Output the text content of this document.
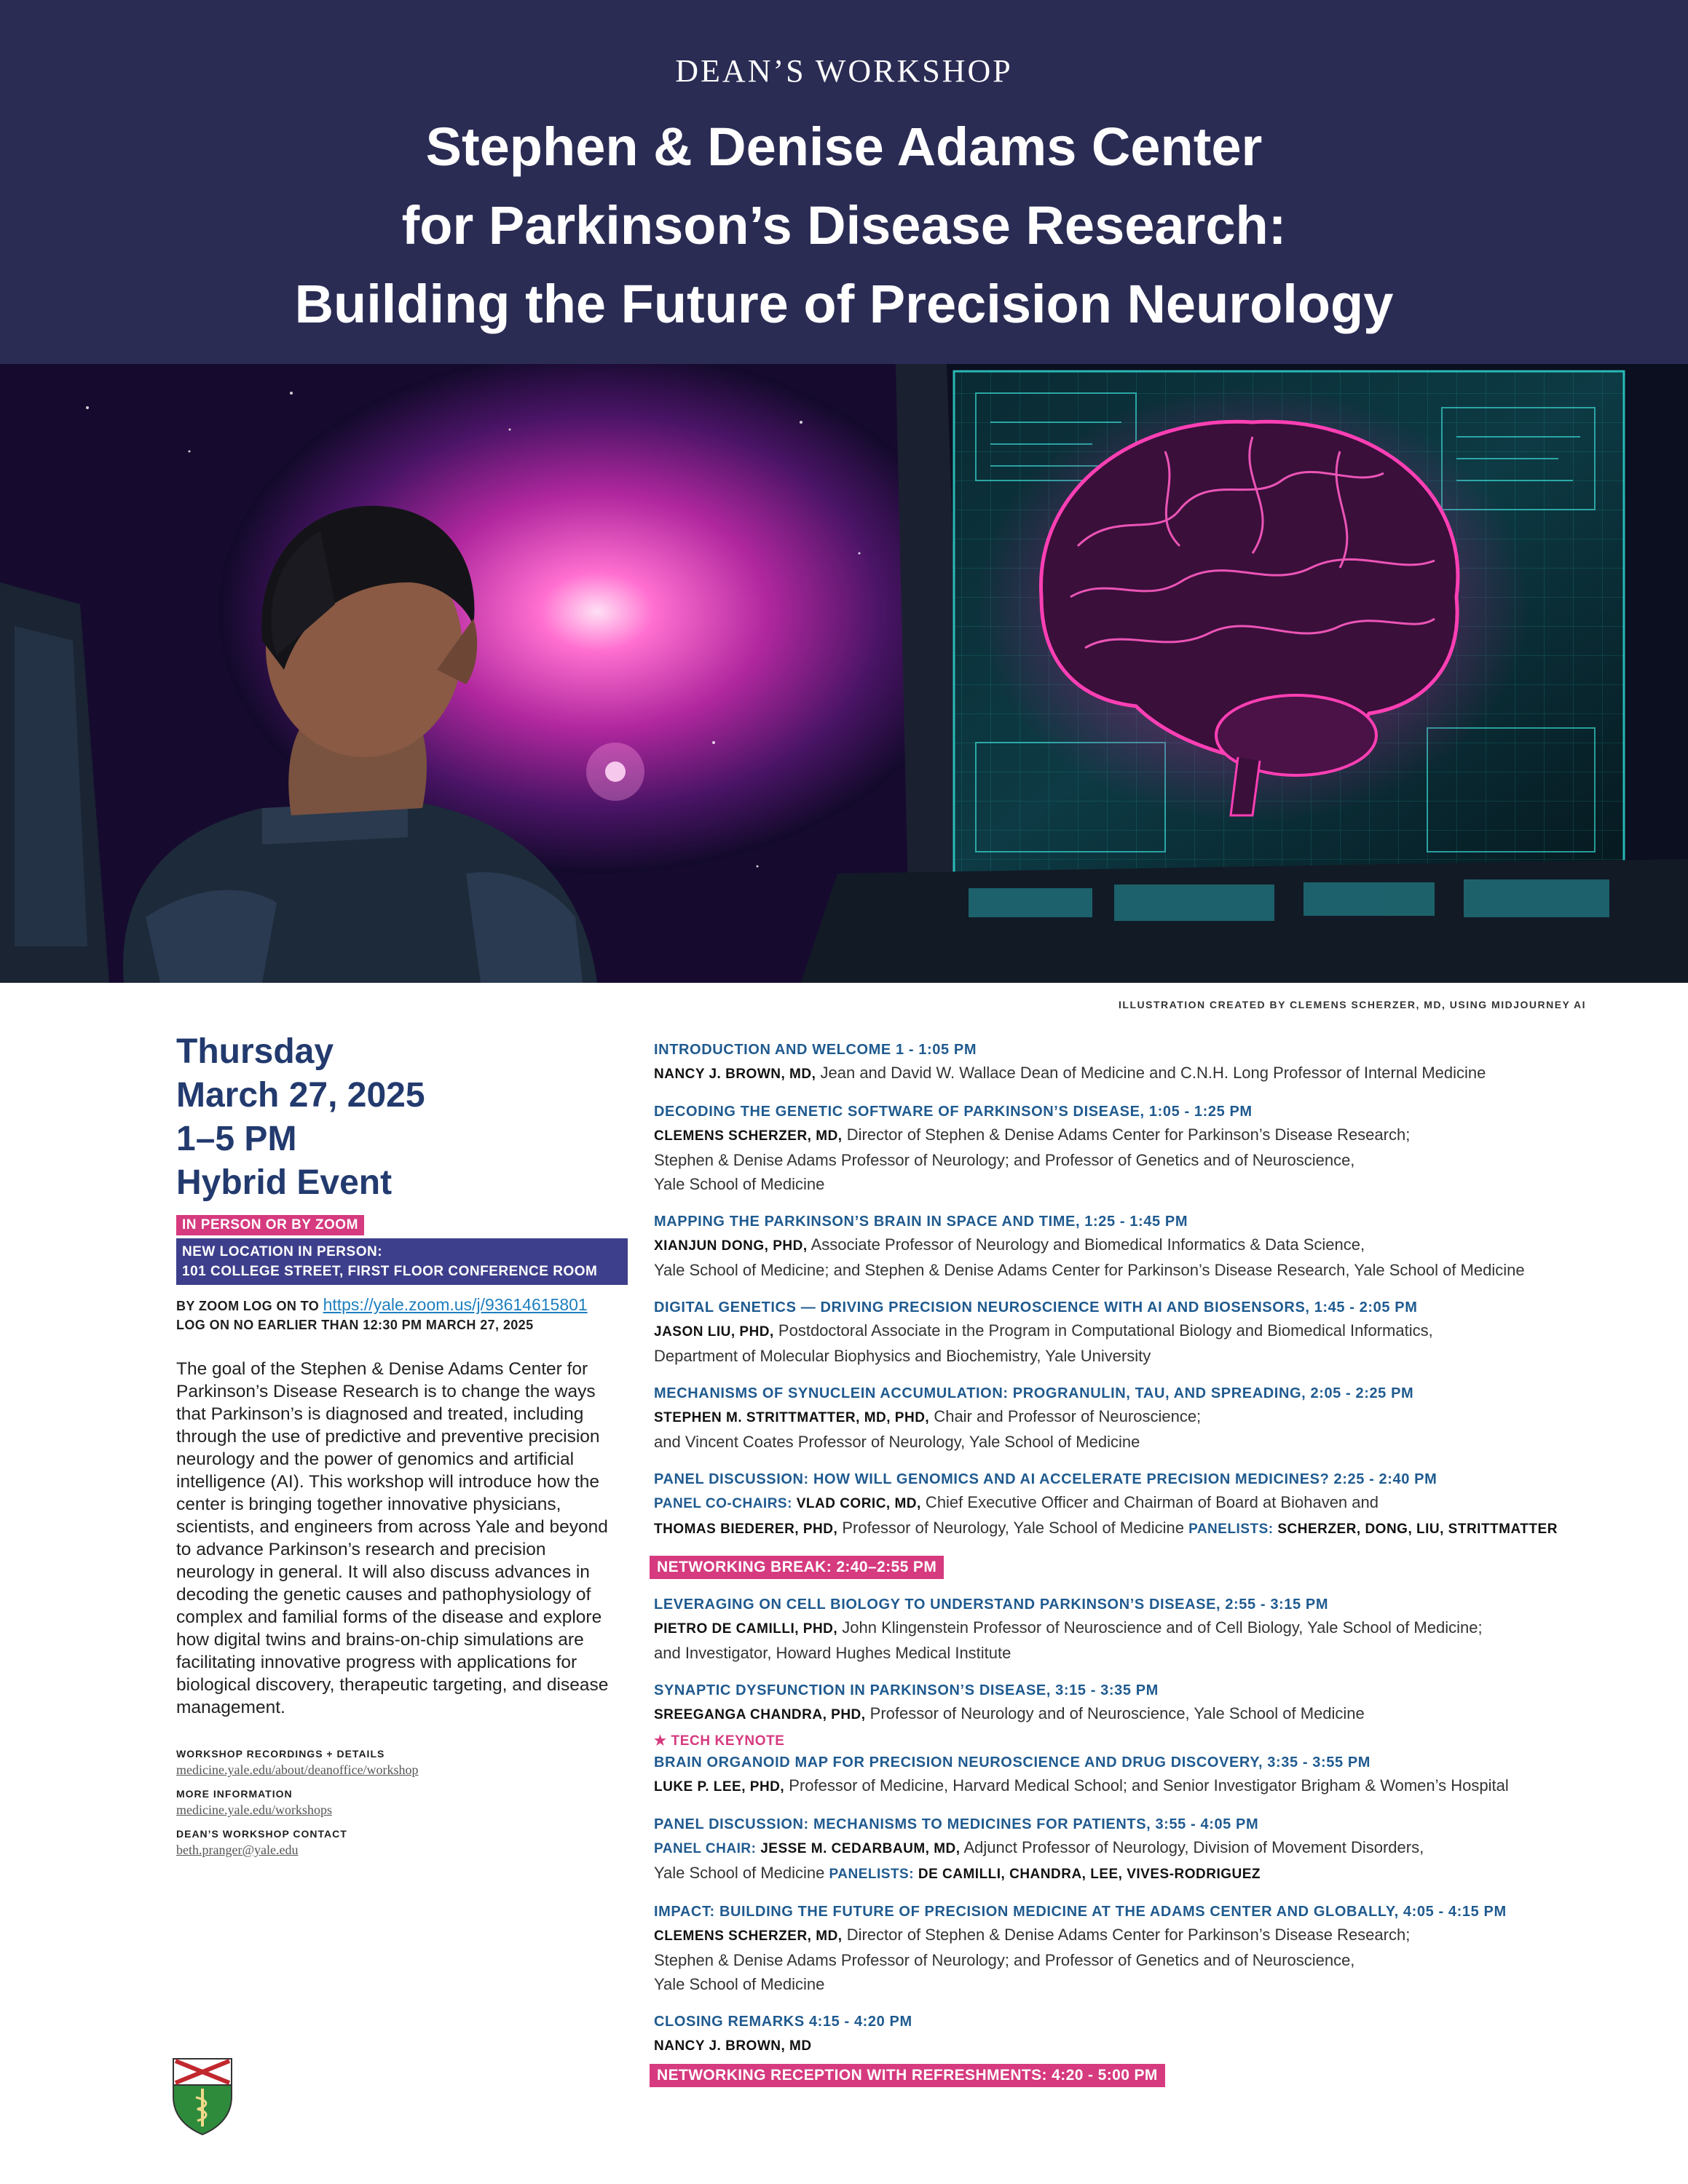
DEAN’S WORKSHOP
Stephen & Denise Adams Center
for Parkinson’s Disease Research:
Building the Future of Precision Neurology
ILLUSTRATION CREATED BY CLEMENS SCHERZER, MD, USING MIDJOURNEY AI
Thursday
March 27, 2025
1–5 PM
Hybrid Event
IN PERSON OR BY ZOOM
NEW LOCATION IN PERSON:
101 COLLEGE STREET, FIRST FLOOR CONFERENCE ROOM
BY ZOOM LOG ON TO https://yale.zoom.us/j/93614615801
LOG ON NO EARLIER THAN 12:30 PM MARCH 27, 2025
The goal of the Stephen & Denise Adams Center for Parkinson’s Disease Research is to change the ways that Parkinson’s is diagnosed and treated, including through the use of predictive and preventive precision neurology and the power of genomics and artificial intelligence (AI). This workshop will introduce how the center is bringing together innovative physicians, scientists, and engineers from across Yale and beyond to advance Parkinson’s research and precision neurology in general. It will also discuss advances in decoding the genetic causes and pathophysiology of complex and familial forms of the disease and explore how digital twins and brains-on-chip simulations are facilitating innovative progress with applications for biological discovery, therapeutic targeting, and disease management.
WORKSHOP RECORDINGS + DETAILS
medicine.yale.edu/about/deanoffice/workshop
MORE INFORMATION
medicine.yale.edu/workshops
DEAN’S WORKSHOP CONTACT
beth.pranger@yale.edu
INTRODUCTION AND WELCOME 1 - 1:05 PM
NANCY J. BROWN, MD, Jean and David W. Wallace Dean of Medicine and C.N.H. Long Professor of Internal Medicine
DECODING THE GENETIC SOFTWARE OF PARKINSON’S DISEASE, 1:05 - 1:25 PM
CLEMENS SCHERZER, MD, Director of Stephen & Denise Adams Center for Parkinson’s Disease Research;
Stephen & Denise Adams Professor of Neurology; and Professor of Genetics and of Neuroscience,
Yale School of Medicine
MAPPING THE PARKINSON’S BRAIN IN SPACE AND TIME, 1:25 - 1:45 PM
XIANJUN DONG, PHD, Associate Professor of Neurology and Biomedical Informatics & Data Science,
Yale School of Medicine; and Stephen & Denise Adams Center for Parkinson’s Disease Research, Yale School of Medicine
DIGITAL GENETICS — DRIVING PRECISION NEUROSCIENCE WITH AI AND BIOSENSORS, 1:45 - 2:05 PM
JASON LIU, PHD, Postdoctoral Associate in the Program in Computational Biology and Biomedical Informatics,
Department of Molecular Biophysics and Biochemistry, Yale University
MECHANISMS OF SYNUCLEIN ACCUMULATION: PROGRANULIN, TAU, AND SPREADING, 2:05 - 2:25 PM
STEPHEN M. STRITTMATTER, MD, PHD, Chair and Professor of Neuroscience;
and Vincent Coates Professor of Neurology, Yale School of Medicine
PANEL DISCUSSION: HOW WILL GENOMICS AND AI ACCELERATE PRECISION MEDICINES? 2:25 - 2:40 PM
PANEL CO-CHAIRS: VLAD CORIC, MD, Chief Executive Officer and Chairman of Board at Biohaven and
THOMAS BIEDERER, PHD, Professor of Neurology, Yale School of Medicine PANELISTS: SCHERZER, DONG, LIU, STRITTMATTER
NETWORKING BREAK: 2:40–2:55 PM
LEVERAGING ON CELL BIOLOGY TO UNDERSTAND PARKINSON’S DISEASE, 2:55 - 3:15 PM
PIETRO DE CAMILLI, PHD, John Klingenstein Professor of Neuroscience and of Cell Biology, Yale School of Medicine;
and Investigator, Howard Hughes Medical Institute
SYNAPTIC DYSFUNCTION IN PARKINSON’S DISEASE, 3:15 - 3:35 PM
SREEGANGA CHANDRA, PHD, Professor of Neurology and of Neuroscience, Yale School of Medicine
★ TECH KEYNOTE
BRAIN ORGANOID MAP FOR PRECISION NEUROSCIENCE AND DRUG DISCOVERY, 3:35 - 3:55 PM
LUKE P. LEE, PHD, Professor of Medicine, Harvard Medical School; and Senior Investigator Brigham & Women’s Hospital
PANEL DISCUSSION: MECHANISMS TO MEDICINES FOR PATIENTS, 3:55 - 4:05 PM
PANEL CHAIR: JESSE M. CEDARBAUM, MD, Adjunct Professor of Neurology, Division of Movement Disorders,
Yale School of Medicine PANELISTS: DE CAMILLI, CHANDRA, LEE, VIVES-RODRIGUEZ
IMPACT: BUILDING THE FUTURE OF PRECISION MEDICINE AT THE ADAMS CENTER AND GLOBALLY, 4:05 - 4:15 PM
CLEMENS SCHERZER, MD, Director of Stephen & Denise Adams Center for Parkinson’s Disease Research;
Stephen & Denise Adams Professor of Neurology; and Professor of Genetics and of Neuroscience,
Yale School of Medicine
CLOSING REMARKS 4:15 - 4:20 PM
NANCY J. BROWN, MD
NETWORKING RECEPTION WITH REFRESHMENTS: 4:20 - 5:00 PM
